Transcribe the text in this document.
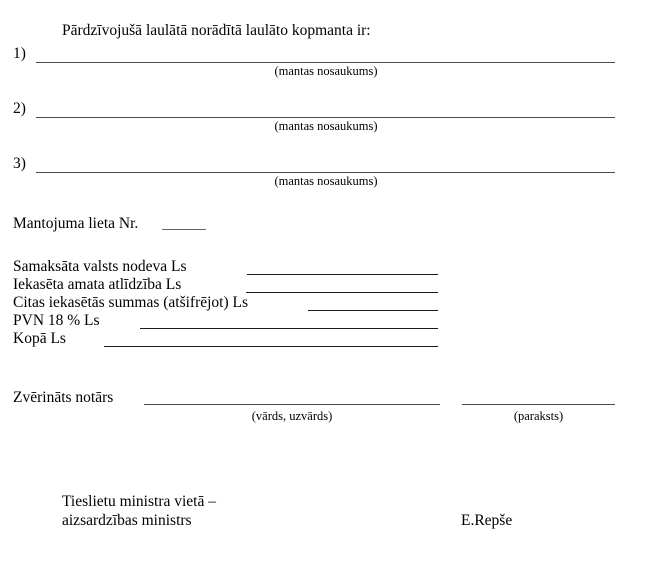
Pārdzīvojušā laulātā norādītā laulāto kopmanta ir:
1)
(mantas nosaukums)
2)
(mantas nosaukums)
3)
(mantas nosaukums)
Mantojuma lieta Nr.
Samaksāta valsts nodeva Ls
Iekasēta amata atlīdzība Ls
Citas iekasētās summas (atšifrējot) Ls
PVN 18 % Ls
Kopā Ls
Zvērināts notārs
(vārds, uzvārds)	(paraksts)
Tieslietu ministra vietā –
aizsardzības ministrs	E.Repše
